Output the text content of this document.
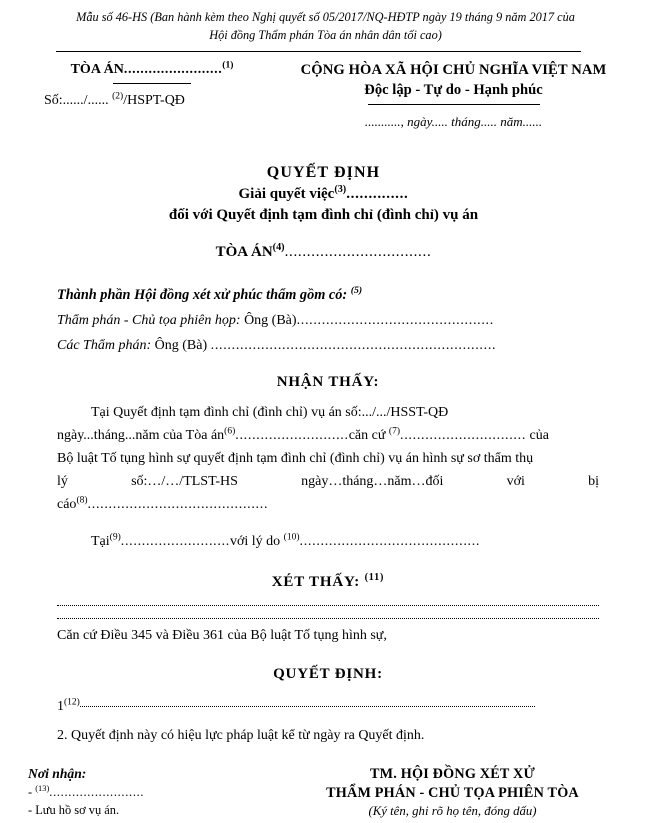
Mẫu số 46-HS (Ban hành kèm theo Nghị quyết số 05/2017/NQ-HĐTP ngày 19 tháng 9 năm 2017 của
Hội đồng Thẩm phán Tòa án nhân dân tối cao)
TÒA ÁN........................$^{(1)}$
Số:....../...... $^{(2)}$/HSPT-QĐ
CỘNG HÒA XÃ HỘI CHỦ NGHĨA VIỆT NAM
Độc lập - Tự do - Hạnh phúc
..........., ngày..... tháng..... năm......
QUYẾT ĐỊNH
Giải quyết việc$^{(3)}$..............
đối với Quyết định tạm đình chỉ (đình chỉ) vụ án
TÒA ÁN$^{(4)}$.................................
Thành phần Hội đồng xét xử phúc thẩm gồm có: $^{(5)}$
Thẩm phán - Chủ tọa phiên họp: Ông (Bà)...............................................
Các Thẩm phán: Ông (Bà) ....................................................................
NHẬN THẤY:
Tại Quyết định tạm đình chỉ (đình chỉ) vụ án số:.../.../HSST-QĐ
ngày...tháng...năm của Tòa $án^{(6)}...........................căn$ cứ $^{(7)}$.............................. của
Bộ luật Tố tụng hình sự quyết định tạm đình chỉ (đình chỉ) vụ án hình sự sơ thẩm thụ
lý	số:…/…/TLST-HS	ngày…tháng…năm…đối	với	bị
cáo$^{(8)}$...........................................
Tại$^{(9)}$..........................với lý do $^{(10)}$...........................................
XÉT THẤY: $^{(11)}$
Căn cứ Điều 345 và Điều 361 của Bộ luật Tố tụng hình sự,
QUYẾT ĐỊNH:
1$^{(12)}$
2. Quyết định này có hiệu lực pháp luật kể từ ngày ra Quyết định.
Nơi nhận:
- $^{(13)}$.........................
- Lưu hồ sơ vụ án.
TM. HỘI ĐỒNG XÉT XỬ
THẨM PHÁN - CHỦ TỌA PHIÊN TÒA
(Ký tên, ghi rõ họ tên, đóng dấu)
